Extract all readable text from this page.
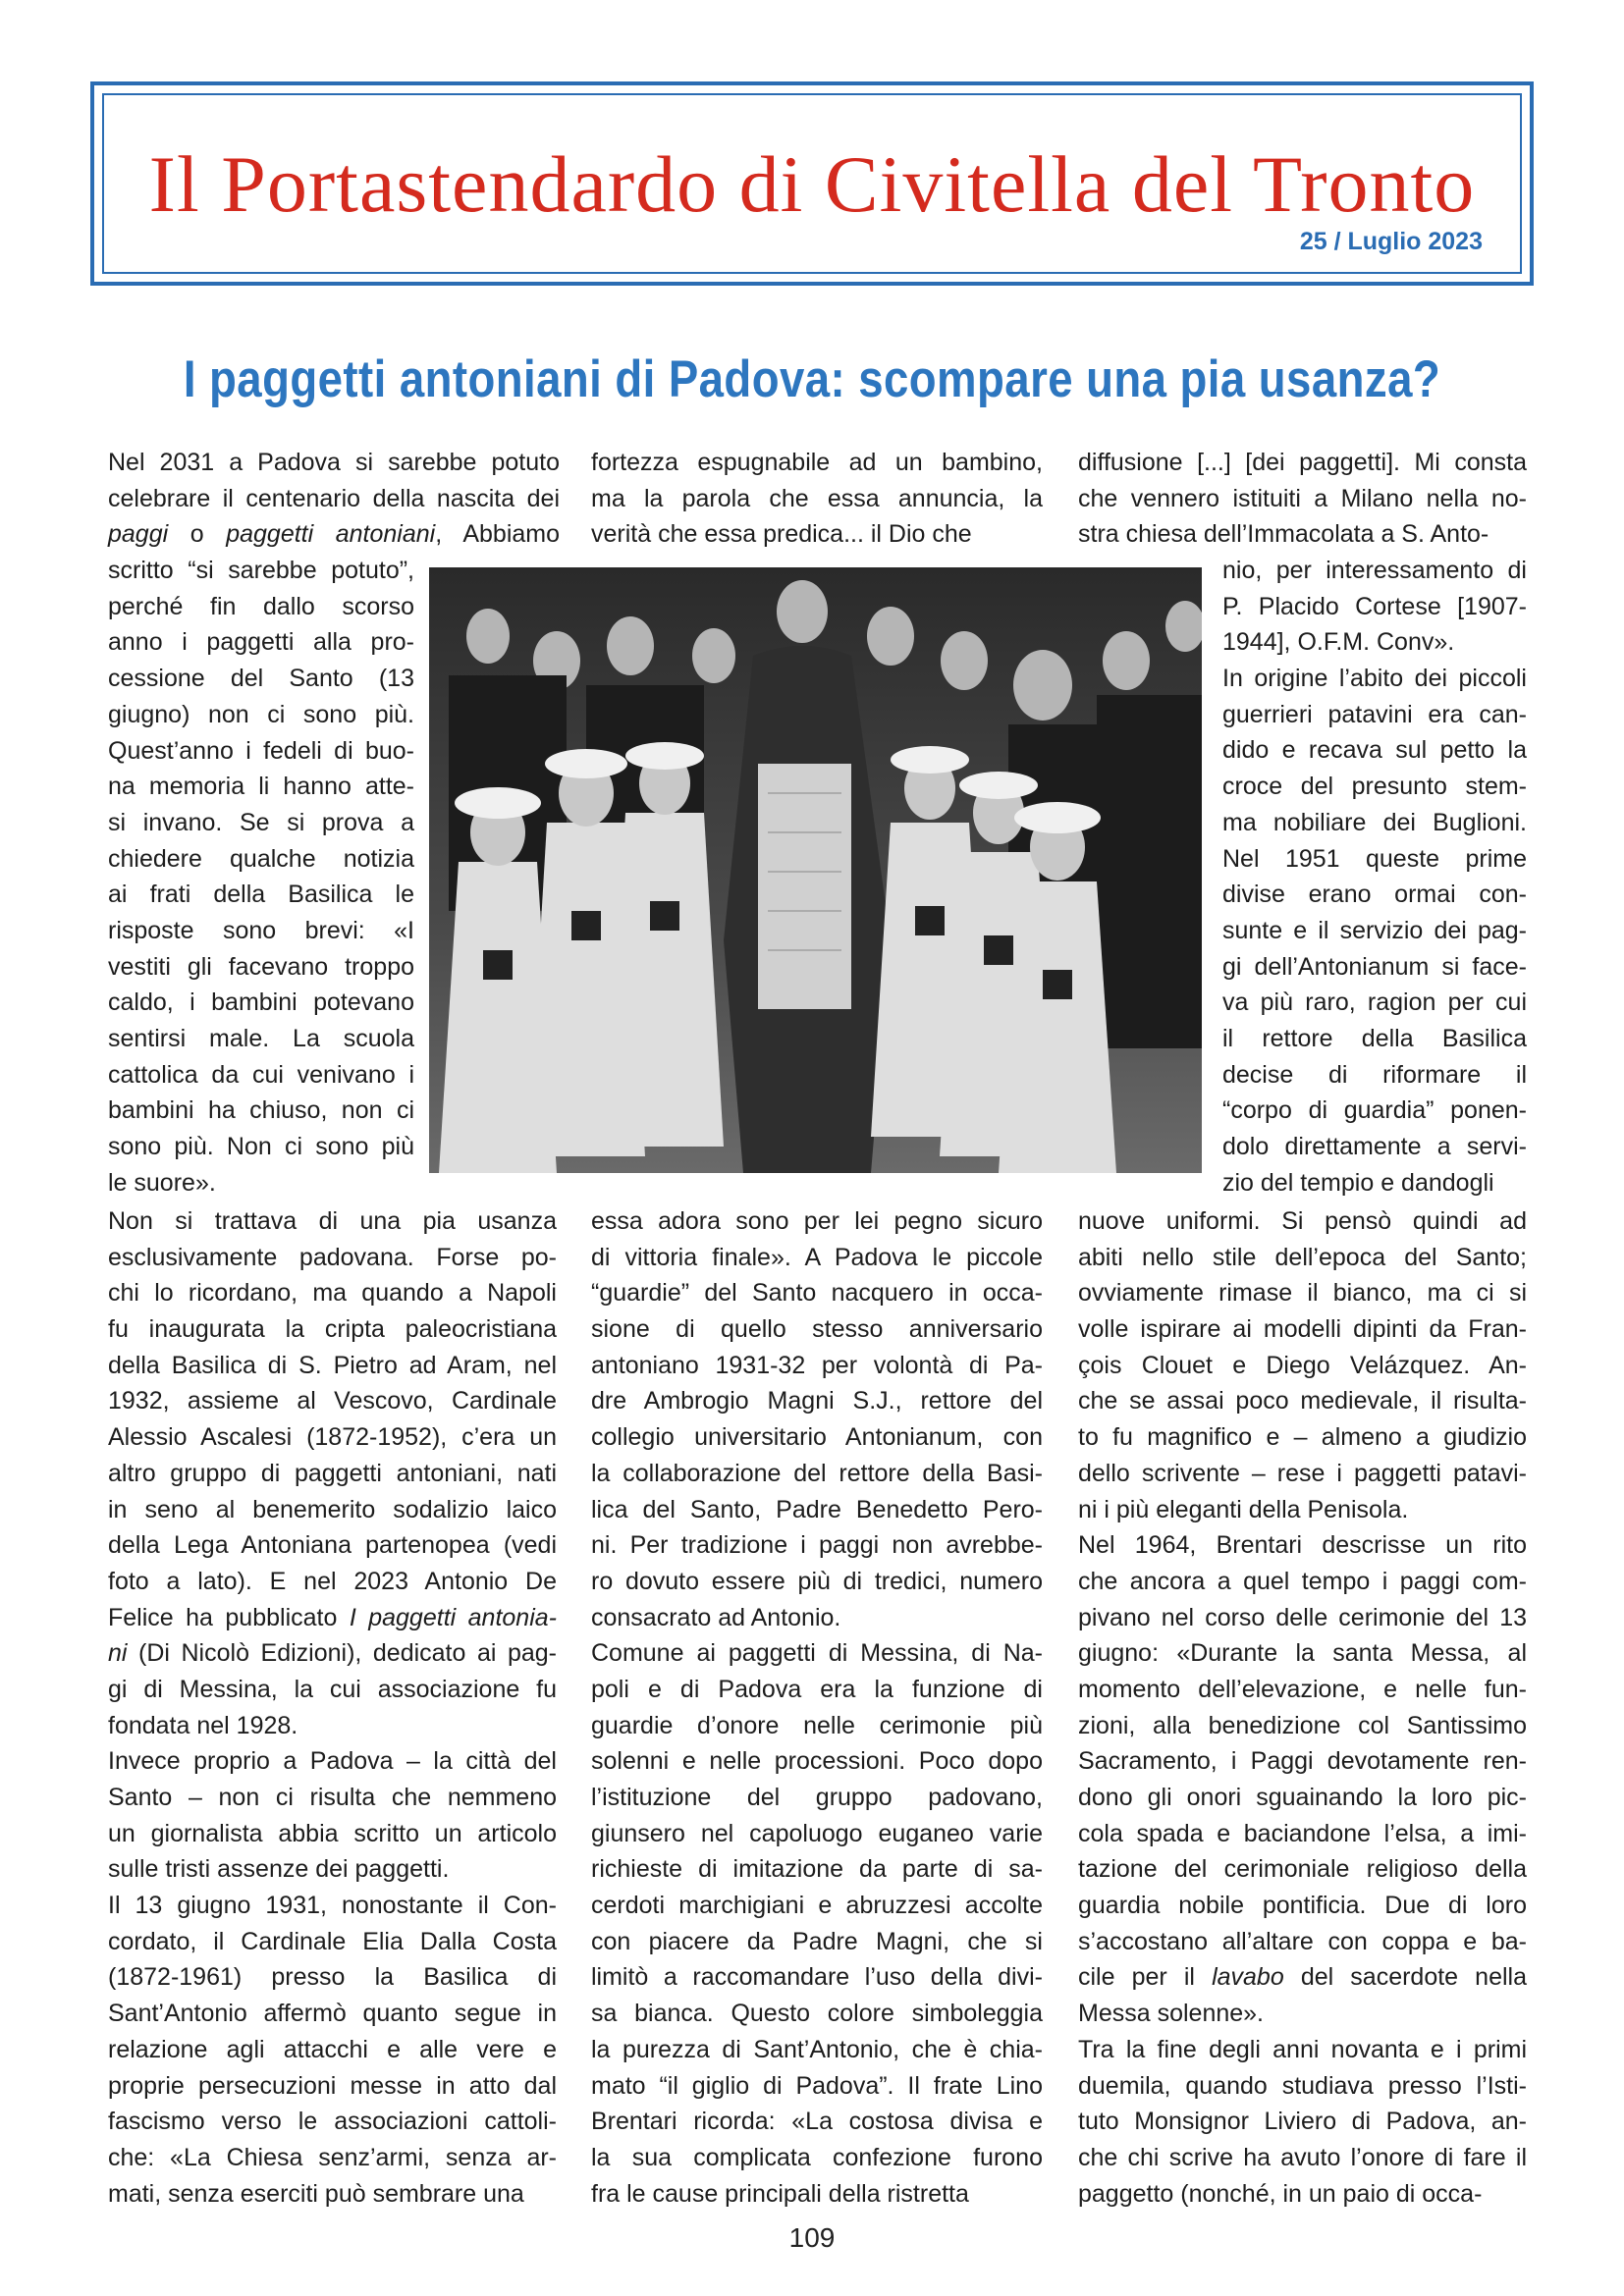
Il Portastendardo di Civitella del Tronto
25 / Luglio 2023
I paggetti antoniani di Padova: scompare una pia usanza?
Nel 2031 a Padova si sarebbe potuto
celebrare il centenario della nascita dei
paggi o paggetti antoniani, Abbiamo
scritto “si sarebbe potuto”,
perché fin dallo scorso
anno i paggetti alla pro-
cessione del Santo (13
giugno) non ci sono più.
Quest’anno i fedeli di buo-
na memoria li hanno atte-
si invano. Se si prova a
chiedere qualche notizia
ai frati della Basilica le
risposte sono brevi: «I
vestiti gli facevano troppo
caldo, i bambini potevano
sentirsi male. La scuola
cattolica da cui venivano i
bambini ha chiuso, non ci
sono più. Non ci sono più
le suore».
Non si trattava di una pia usanza
esclusivamente padovana. Forse po-
chi lo ricordano, ma quando a Napoli
fu inaugurata la cripta paleocristiana
della Basilica di S. Pietro ad Aram, nel
1932, assieme al Vescovo, Cardinale
Alessio Ascalesi (1872-1952), c’era un
altro gruppo di paggetti antoniani, nati
in seno al benemerito sodalizio laico
della Lega Antoniana partenopea (vedi
foto a lato). E nel 2023 Antonio De
Felice ha pubblicato I paggetti antonia-
ni (Di Nicolò Edizioni), dedicato ai pag-
gi di Messina, la cui associazione fu
fondata nel 1928.
Invece proprio a Padova – la città del
Santo – non ci risulta che nemmeno
un giornalista abbia scritto un articolo
sulle tristi assenze dei paggetti.
Il 13 giugno 1931, nonostante il Con-
cordato, il Cardinale Elia Dalla Costa
(1872-1961) presso la Basilica di
Sant’Antonio affermò quanto segue in
relazione agli attacchi e alle vere e
proprie persecuzioni messe in atto dal
fascismo verso le associazioni cattoli-
che: «La Chiesa senz’armi, senza ar-
mati, senza eserciti può sembrare una
fortezza espugnabile ad un bambino,
ma la parola che essa annuncia, la
verità che essa predica... il Dio che
essa adora sono per lei pegno sicuro
di vittoria finale». A Padova le piccole
“guardie” del Santo nacquero in occa-
sione di quello stesso anniversario
antoniano 1931-32 per volontà di Pa-
dre Ambrogio Magni S.J., rettore del
collegio universitario Antonianum, con
la collaborazione del rettore della Basi-
lica del Santo, Padre Benedetto Pero-
ni. Per tradizione i paggi non avrebbe-
ro dovuto essere più di tredici, numero
consacrato ad Antonio.
Comune ai paggetti di Messina, di Na-
poli e di Padova era la funzione di
guardie d’onore nelle cerimonie più
solenni e nelle processioni. Poco dopo
l’istituzione del gruppo padovano,
giunsero nel capoluogo euganeo varie
richieste di imitazione da parte di sa-
cerdoti marchigiani e abruzzesi accolte
con piacere da Padre Magni, che si
limitò a raccomandare l’uso della divi-
sa bianca. Questo colore simboleggia
la purezza di Sant’Antonio, che è chia-
mato “il giglio di Padova”. Il frate Lino
Brentari ricorda: «La costosa divisa e
la sua complicata confezione furono
fra le cause principali della ristretta
diffusione [...] [dei paggetti]. Mi consta
che vennero istituiti a Milano nella no-
stra chiesa dell’Immacolata a S. Anto-
nio, per interessamento di
P. Placido Cortese [1907-
1944], O.F.M. Conv».
In origine l’abito dei piccoli
guerrieri patavini era can-
dido e recava sul petto la
croce del presunto stem-
ma nobiliare dei Buglioni.
Nel 1951 queste prime
divise erano ormai con-
sunte e il servizio dei pag-
gi dell’Antonianum si face-
va più raro, ragion per cui
il rettore della Basilica
decise di riformare il
“corpo di guardia” ponen-
dolo direttamente a servi-
zio del tempio e dandogli
nuove uniformi. Si pensò quindi ad
abiti nello stile dell’epoca del Santo;
ovviamente rimase il bianco, ma ci si
volle ispirare ai modelli dipinti da Fran-
çois Clouet e Diego Velázquez. An-
che se assai poco medievale, il risulta-
to fu magnifico e – almeno a giudizio
dello scrivente – rese i paggetti patavi-
ni i più eleganti della Penisola.
Nel 1964, Brentari descrisse un rito
che ancora a quel tempo i paggi com-
pivano nel corso delle cerimonie del 13
giugno: «Durante la santa Messa, al
momento dell’elevazione, e nelle fun-
zioni, alla benedizione col Santissimo
Sacramento, i Paggi devotamente ren-
dono gli onori sguainando la loro pic-
cola spada e baciandone l’elsa, a imi-
tazione del cerimoniale religioso della
guardia nobile pontificia. Due di loro
s’accostano all’altare con coppa e ba-
cile per il lavabo del sacerdote nella
Messa solenne».
Tra la fine degli anni novanta e i primi
duemila, quando studiava presso l’Isti-
tuto Monsignor Liviero di Padova, an-
che chi scrive ha avuto l’onore di fare il
paggetto (nonché, in un paio di occa-
109
